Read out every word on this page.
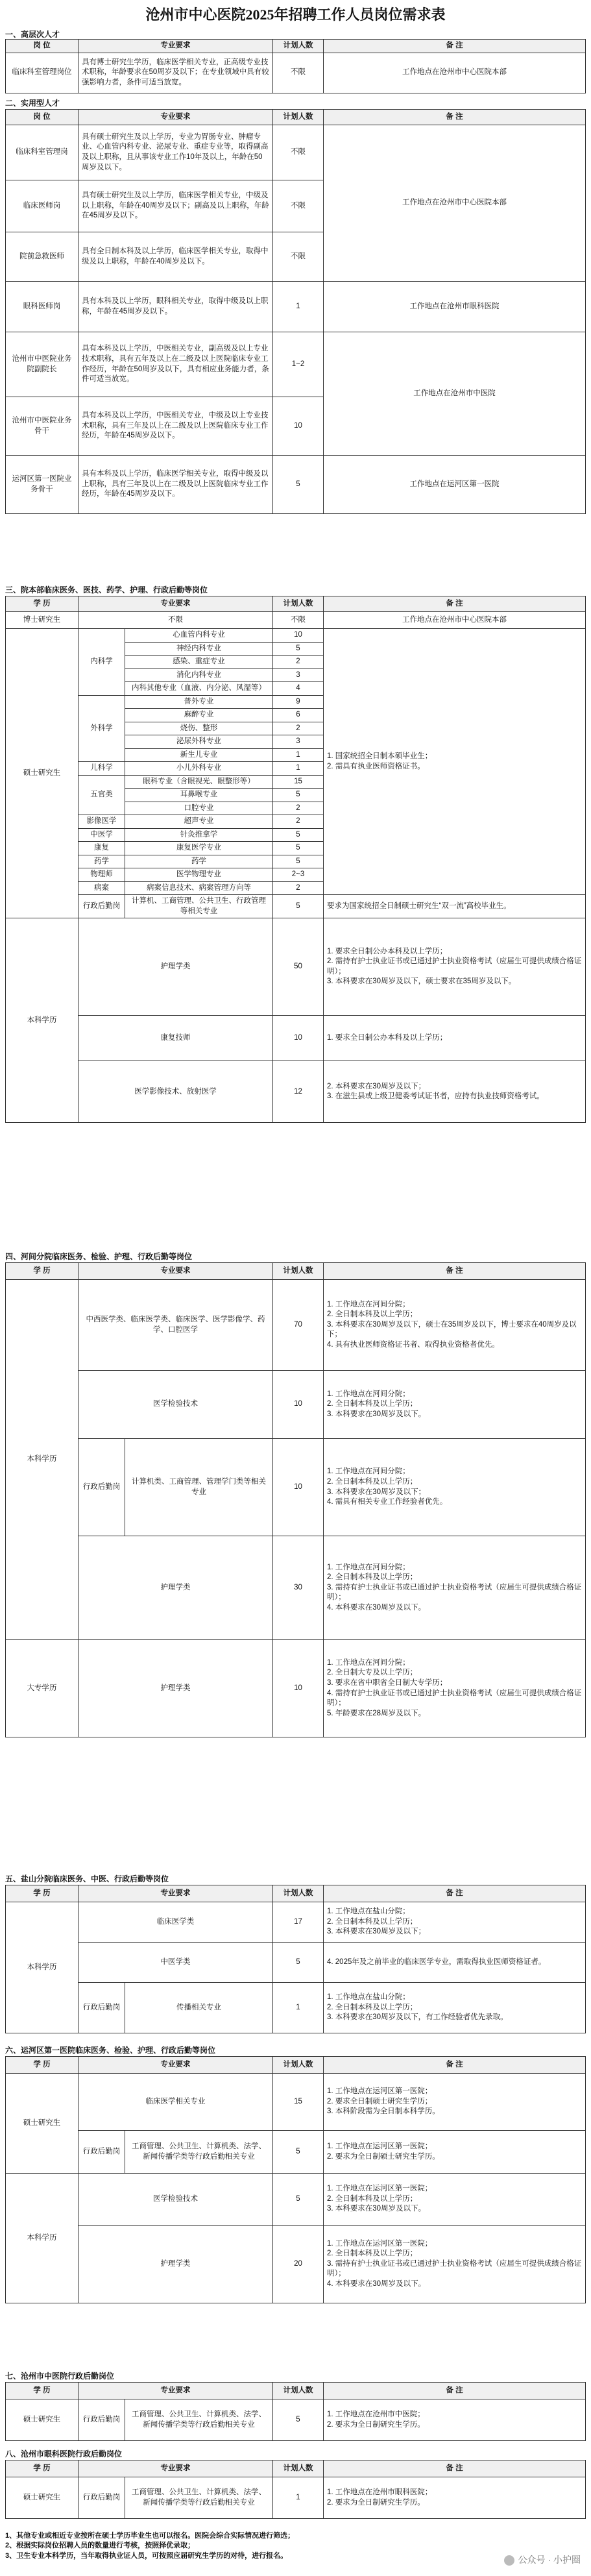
沧州市中心医院2025年招聘工作人员岗位需求表
一、高层次人才
岗 位	专业要求	计划人数	备 注
临床科室管理岗位	具有博士研究生学历，临床医学相关专业，正高级专业技术职称，年龄要求在50周岁及以下；在专业领域中具有较强影响力者，条件可适当放宽。	不限	工作地点在沧州市中心医院本部
二、实用型人才
岗 位	专业要求	计划人数	备 注
临床科室管理岗	具有硕士研究生及以上学历，专业为胃肠专业、肿瘤专业、心血管内科专业、泌尿专业、重症专业等，取得副高及以上职称，且从事该专业工作10年及以上，年龄在50周岁及以下。	不限	工作地点在沧州市中心医院本部
临床医师岗	具有硕士研究生及以上学历，临床医学相关专业，中级及以上职称，年龄在40周岁及以下；副高及以上职称，年龄在45周岁及以下。	不限	
院前急救医师	具有全日制本科及以上学历，临床医学相关专业，取得中级及以上职称，年龄在40周岁及以下。	不限	
眼科医师岗	具有本科及以上学历，眼科相关专业，取得中级及以上职称，年龄在45周岁及以下。	1	工作地点在沧州市眼科医院
沧州市中医院业务院副院长	具有本科及以上学历，中医相关专业，副高级及以上专业技术职称，具有五年及以上在二级及以上医院临床专业工作经历，年龄在50周岁及以下，具有相应业务能力者，条件可适当放宽。	1~2	工作地点在沧州市中医院
沧州市中医院业务骨干	具有本科及以上学历，中医相关专业，中级及以上专业技术职称，具有三年及以上在二级及以上医院临床专业工作经历，年龄在45周岁及以下。	10	
运河区第一医院业务骨干	具有本科及以上学历，临床医学相关专业，取得中级及以上职称，具有三年及以上在二级及以上医院临床专业工作经历，年龄在45周岁及以下。	5	工作地点在运河区第一医院
三、院本部临床医务、医技、药学、护理、行政后勤等岗位
学 历	专业要求		计划人数	备 注
博士研究生	不限		不限	工作地点在沧州市中心医院本部
硕士研究生	内科学	心血管内科专业	10	1. 国家统招全日制本硕毕业生；
2. 需具有执业医师资格证书。
		神经内科专业	5	
		感染、重症专业	2	
		消化内科专业	3	
		内科其他专业（血液、内分泌、风湿等）	4	
	外科学	普外专业	9	
		麻醉专业	6	
		烧伤、整形	2	
		泌尿外科专业	3	
		新生儿专业	1	
	儿科学	小儿外科专业	1	
	五官类	眼科专业（含眼视光、眼整形等）	15	
		耳鼻喉专业	5	
		口腔专业	2	
	影像医学	超声专业	2	
	中医学	针灸推拿学	5	
	康复	康复医学专业	5	
	药学	药学	5	
	物理师	医学物理专业	2~3	
	病案	病案信息技术、病案管理方向等	2	
	行政后勤岗	计算机、工商管理、公共卫生、行政管理等相关专业	5	要求为国家统招全日制硕士研究生“双一流”高校毕业生。
本科学历	护理学类		50	1. 要求全日制公办本科及以上学历；
2. 需持有护士执业证书或已通过护士执业资格考试（应届生可提供成绩合格证明）；
3. 本科要求在30周岁及以下，硕士要求在35周岁及以下。
	康复技师		10	1. 要求全日制公办本科及以上学历；
	医学影像技术、放射医学		12	2. 本科要求在30周岁及以下；
3. 在滋生县或上级卫健委考试证书者，应持有执业技师资格考试。
四、河间分院临床医务、检验、护理、行政后勤等岗位
学 历	专业要求		计划人数	备 注
本科学历	中西医学类、临床医学类、临床医学、医学影像学、药学、口腔医学		70	1. 工作地点在河间分院；
2. 全日制本科及以上学历；
3. 本科要求在30周岁及以下，硕士在35周岁及以下，博士要求在40周岁及以下；
4. 具有执业医师资格证书者、取得执业资格者优先。
	医学检验技术		10	1. 工作地点在河间分院；
2. 全日制本科及以上学历；
3. 本科要求在30周岁及以下。
	行政后勤岗	计算机类、工商管理、管理学门类等相关专业	10	1. 工作地点在河间分院；
2. 全日制本科及以上学历；
3. 本科要求在30周岁及以下；
4. 需具有相关专业工作经验者优先。
	护理学类		30	1. 工作地点在河间分院；
2. 全日制本科及以上学历；
3. 需持有护士执业证书或已通过护士执业资格考试（应届生可提供成绩合格证明）；
4. 本科要求在30周岁及以下。
大专学历	护理学类		10	1. 工作地点在河间分院；
2. 全日制大专及以上学历；
3. 要求在省中职省全日制大专学历；
4. 需持有护士执业证书或已通过护士执业资格考试（应届生可提供成绩合格证明）；
5. 年龄要求在28周岁及以下。
五、盐山分院临床医务、中医、行政后勤等岗位
学 历	专业要求		计划人数	备 注
本科学历	临床医学类		17	1. 工作地点在盐山分院；
2. 全日制本科及以上学历；
3. 本科要求在30周岁及以下；
	中医学类		5	4. 2025年及之前毕业的临床医学专业，需取得执业医师资格证者。
	行政后勤岗	传播相关专业	1	1. 工作地点在盐山分院；
2. 全日制本科及以上学历；
3. 本科要求在30周岁及以下，有工作经验者优先录取。
六、运河区第一医院临床医务、检验、护理、行政后勤等岗位
学 历	专业要求		计划人数	备 注
硕士研究生	临床医学相关专业		15	1. 工作地点在运河区第一医院；
2. 要求全日制硕士研究生学历；
3. 本科阶段需为全日制本科学历。
	行政后勤岗	工商管理、公共卫生、计算机类、法学、新闻传播学类等行政后勤相关专业	5	1. 工作地点在运河区第一医院；
2. 要求为全日制硕士研究生学历。
本科学历	医学检验技术		5	1. 工作地点在运河区第一医院；
2. 全日制本科及以上学历；
3. 本科要求在30周岁及以下。
	护理学类		20	1. 工作地点在运河区第一医院；
2. 全日制本科及以上学历；
3. 需持有护士执业证书或已通过护士执业资格考试（应届生可提供成绩合格证明）；
4. 本科要求在30周岁及以下。
七、沧州市中医院行政后勤岗位
学 历	专业要求		计划人数	备 注
硕士研究生	行政后勤岗	工商管理、公共卫生、计算机类、法学、新闻传播学类等行政后勤相关专业	5	1. 工作地点在沧州市中医院；
2. 要求为全日制研究生学历。
八、沧州市眼科医院行政后勤岗位
学 历	专业要求		计划人数	备 注
硕士研究生	行政后勤岗	工商管理、公共卫生、计算机类、法学、新闻传播学类等行政后勤相关专业	1	1. 工作地点在沧州市眼科医院；
2. 要求为全日制研究生学历。
1、其他专业或相近专业按所在硕士学历毕业生也可以报名。医院会综合实际情况进行筛选；
2、根据实际岗位招聘人员的数量进行考核，按照择优录取；
3、卫生专业本科学历，当年取得执业证人员，可按照应届研究生学历的对待，进行报名。	公众号 · 小护圈
